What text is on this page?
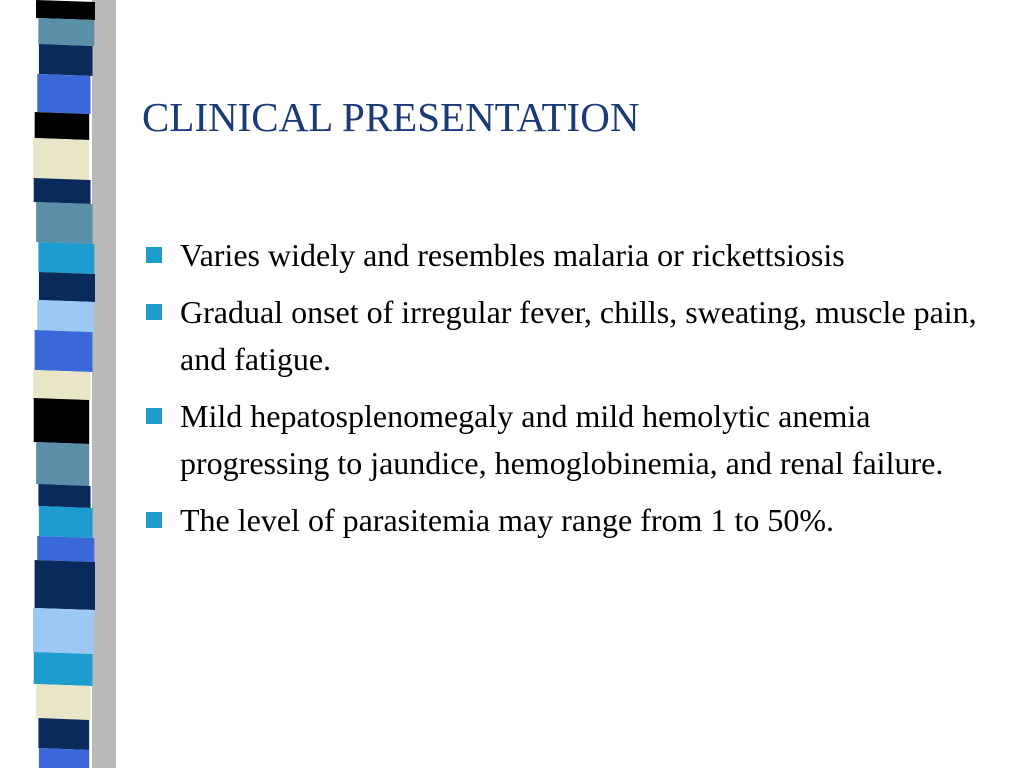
CLINICAL PRESENTATION
Varies widely and resembles malaria or rickettsiosis
Gradual onset of irregular fever, chills, sweating, muscle pain, and fatigue.
Mild hepatosplenomegaly and mild hemolytic anemia progressing to jaundice, hemoglobinemia, and renal failure.
The level of parasitemia may range from 1 to 50%.
